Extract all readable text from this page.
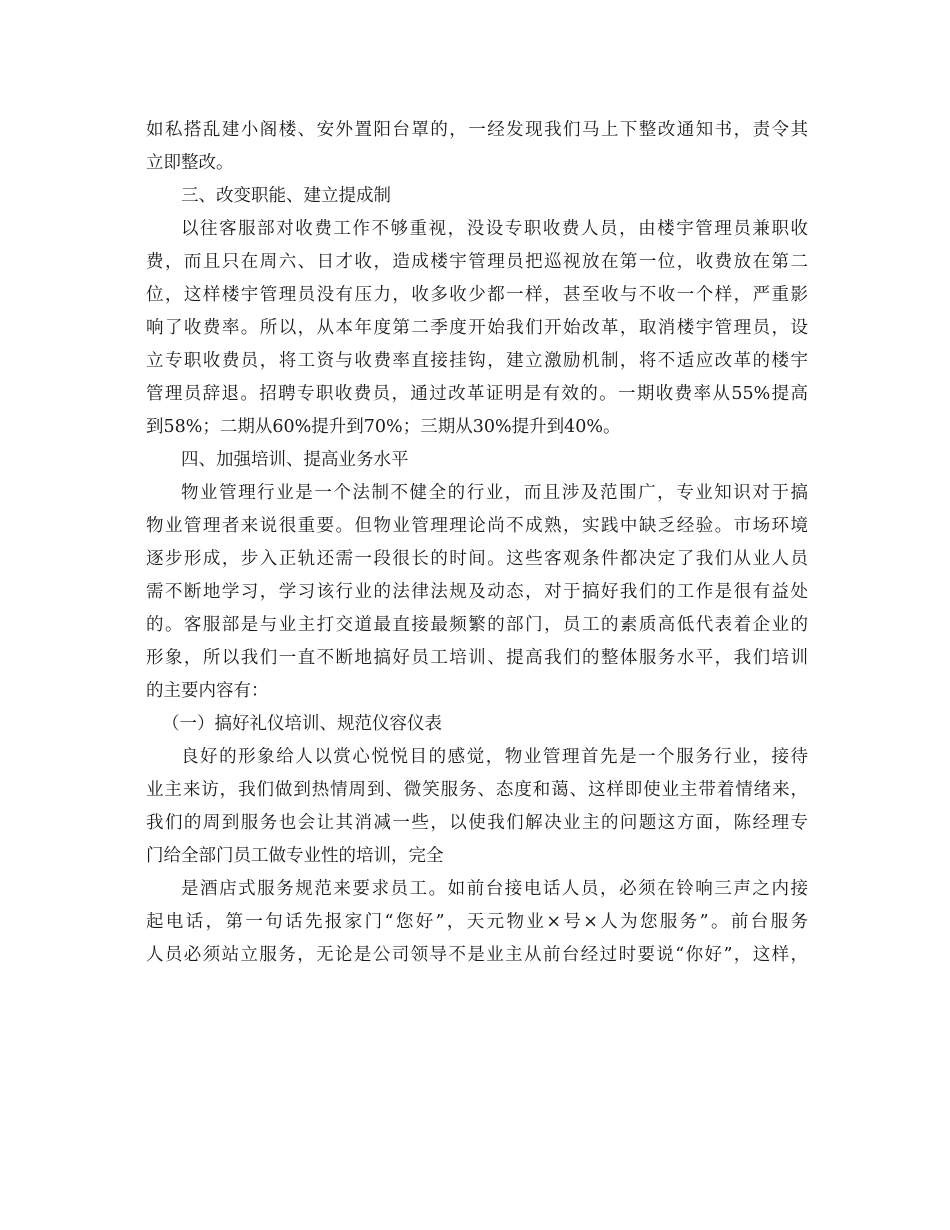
如私搭乱建小阁楼、安外置阳台罩的，一经发现我们马上下整改通知书，责令其
立即整改。
三、改变职能、建立提成制
以往客服部对收费工作不够重视，没设专职收费人员，由楼宇管理员兼职收
费，而且只在周六、日才收，造成楼宇管理员把巡视放在第一位，收费放在第二
位，这样楼宇管理员没有压力，收多收少都一样，甚至收与不收一个样，严重影
响了收费率。所以，从本年度第二季度开始我们开始改革，取消楼宇管理员，设
立专职收费员，将工资与收费率直接挂钩，建立激励机制，将不适应改革的楼宇
管理员辞退。招聘专职收费员，通过改革证明是有效的。一期收费率从55%提高
到58%；二期从60%提升到70%；三期从30%提升到40%。
四、加强培训、提高业务水平
物业管理行业是一个法制不健全的行业，而且涉及范围广，专业知识对于搞
物业管理者来说很重要。但物业管理理论尚不成熟，实践中缺乏经验。市场环境
逐步形成，步入正轨还需一段很长的时间。这些客观条件都决定了我们从业人员
需不断地学习，学习该行业的法律法规及动态，对于搞好我们的工作是很有益处
的。客服部是与业主打交道最直接最频繁的部门，员工的素质高低代表着企业的
形象，所以我们一直不断地搞好员工培训、提高我们的整体服务水平，我们培训
的主要内容有：
（一）搞好礼仪培训、规范仪容仪表
良好的形象给人以赏心悦悦目的感觉，物业管理首先是一个服务行业，接待
业主来访，我们做到热情周到、微笑服务、态度和蔼、这样即使业主带着情绪来，
我们的周到服务也会让其消减一些，以使我们解决业主的问题这方面，陈经理专
门给全部门员工做专业性的培训，完全
是酒店式服务规范来要求员工。如前台接电话人员，必须在铃响三声之内接
起电话，第一句话先报家门“您好”，天元物业×号×人为您服务”。前台服务
人员必须站立服务，无论是公司领导不是业主从前台经过时要说“你好”，这样，
